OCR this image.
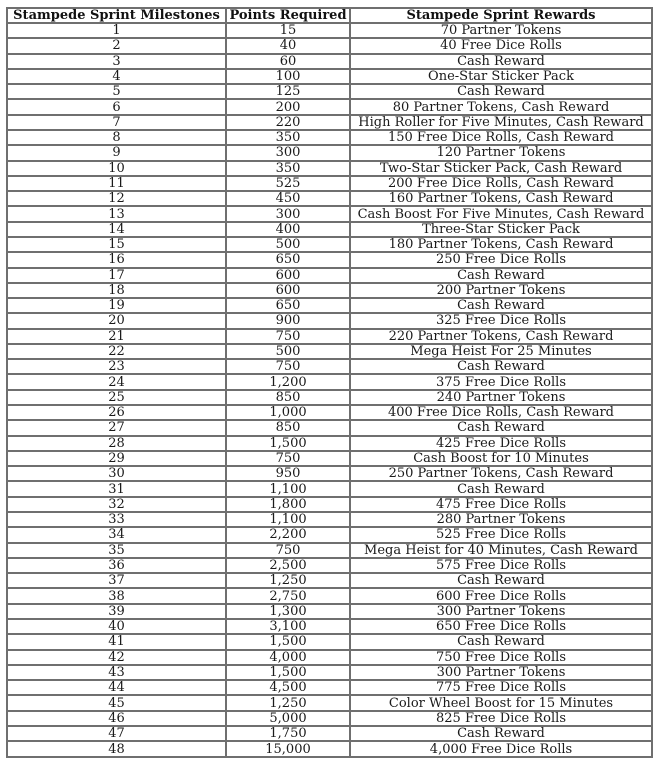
Stampede Sprint Milestones	Points Required	Stampede Sprint Rewards
1	15	70 Partner Tokens
2	40	40 Free Dice Rolls
3	60	Cash Reward
4	100	One-Star Sticker Pack
5	125	Cash Reward
6	200	80 Partner Tokens, Cash Reward
7	220	High Roller for Five Minutes, Cash Reward
8	350	150 Free Dice Rolls, Cash Reward
9	300	120 Partner Tokens
10	350	Two-Star Sticker Pack, Cash Reward
11	525	200 Free Dice Rolls, Cash Reward
12	450	160 Partner Tokens, Cash Reward
13	300	Cash Boost For Five Minutes, Cash Reward
14	400	Three-Star Sticker Pack
15	500	180 Partner Tokens, Cash Reward
16	650	250 Free Dice Rolls
17	600	Cash Reward
18	600	200 Partner Tokens
19	650	Cash Reward
20	900	325 Free Dice Rolls
21	750	220 Partner Tokens, Cash Reward
22	500	Mega Heist For 25 Minutes
23	750	Cash Reward
24	1,200	375 Free Dice Rolls
25	850	240 Partner Tokens
26	1,000	400 Free Dice Rolls, Cash Reward
27	850	Cash Reward
28	1,500	425 Free Dice Rolls
29	750	Cash Boost for 10 Minutes
30	950	250 Partner Tokens, Cash Reward
31	1,100	Cash Reward
32	1,800	475 Free Dice Rolls
33	1,100	280 Partner Tokens
34	2,200	525 Free Dice Rolls
35	750	Mega Heist for 40 Minutes, Cash Reward
36	2,500	575 Free Dice Rolls
37	1,250	Cash Reward
38	2,750	600 Free Dice Rolls
39	1,300	300 Partner Tokens
40	3,100	650 Free Dice Rolls
41	1,500	Cash Reward
42	4,000	750 Free Dice Rolls
43	1,500	300 Partner Tokens
44	4,500	775 Free Dice Rolls
45	1,250	Color Wheel Boost for 15 Minutes
46	5,000	825 Free Dice Rolls
47	1,750	Cash Reward
48	15,000	4,000 Free Dice Rolls
